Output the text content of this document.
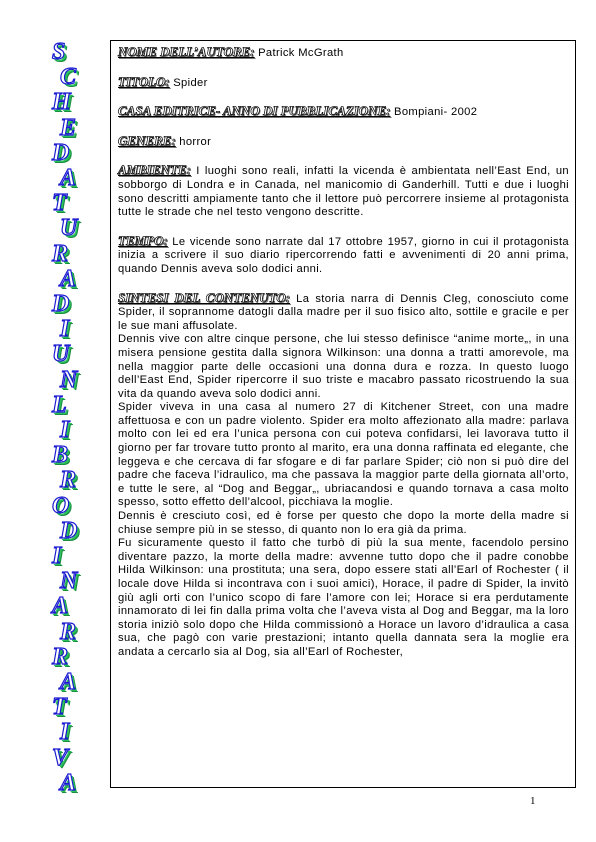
S
C
H
E
D
A
T
U
R
A
D
I
U
N
L
I
B
R
O
D
I
N
A
R
R
A
T
I
V
A

NOME DELL’AUTORE: Patrick McGrath

TITOLO: Spider

CASA EDITRICE- ANNO DI PUBBLICAZIONE: Bompiani- 2002

GENERE: horror

AMBIENTE: I luoghi sono reali, infatti la vicenda è ambientata nell’East End, un sobborgo di Londra e in Canada, nel manicomio di Ganderhill. Tutti e due i luoghi sono descritti ampiamente tanto che il lettore può percorrere insieme al protagonista tutte le strade che nel testo vengono descritte.

TEMPO: Le vicende sono narrate dal 17 ottobre 1957, giorno in cui il protagonista inizia a scrivere il suo diario ripercorrendo fatti e avvenimenti di 20 anni prima, quando Dennis aveva solo dodici anni.

SINTESI DEL CONTENUTO: La storia narra di Dennis Cleg, conosciuto come Spider, il soprannome datogli dalla madre per il suo fisico alto, sottile e gracile e per le sue mani affusolate.

Dennis vive con altre cinque persone, che lui stesso definisce “anime morte„, in una misera pensione gestita dalla signora Wilkinson: una donna a tratti amorevole, ma nella maggior parte delle occasioni una donna dura e rozza. In questo luogo dell’East End, Spider ripercorre il suo triste e macabro passato ricostruendo la sua vita da quando aveva solo dodici anni.

Spider viveva in una casa al numero 27 di Kitchener Street, con una madre affettuosa e con un padre violento. Spider era molto affezionato alla madre: parlava molto con lei ed era l’unica persona con cui poteva confidarsi, lei lavorava tutto il giorno per far trovare tutto pronto al marito, era una donna raffinata ed elegante, che leggeva e che cercava di far sfogare e di far parlare Spider; ciò non si può dire del padre che faceva l’idraulico, ma che passava la maggior parte della giornata all’orto, e tutte le sere, al “Dog and Beggar„, ubriacandosi e quando tornava a casa molto spesso, sotto effetto dell’alcool, picchiava la moglie.

Dennis è cresciuto così, ed è forse per questo che dopo la morte della madre si chiuse sempre più in se stesso, di quanto non lo era già da prima.

Fu sicuramente questo il fatto che turbò di più la sua mente, facendolo persino diventare pazzo, la morte della madre: avvenne tutto dopo che il padre conobbe Hilda Wilkinson: una prostituta; una sera, dopo essere stati all’Earl of Rochester ( il locale dove Hilda si incontrava con i suoi amici), Horace, il padre di Spider, la invitò giù agli orti con l’unico scopo di fare l’amore con lei; Horace si era perdutamente innamorato di lei fin dalla prima volta che l’aveva vista al Dog and Beggar, ma la loro storia iniziò solo dopo che Hilda commissionò a Horace un lavoro d’idraulica a casa sua, che pagò con varie prestazioni; intanto quella dannata sera la moglie era andata a cercarlo sia al Dog, sia all’Earl of Rochester,

1
